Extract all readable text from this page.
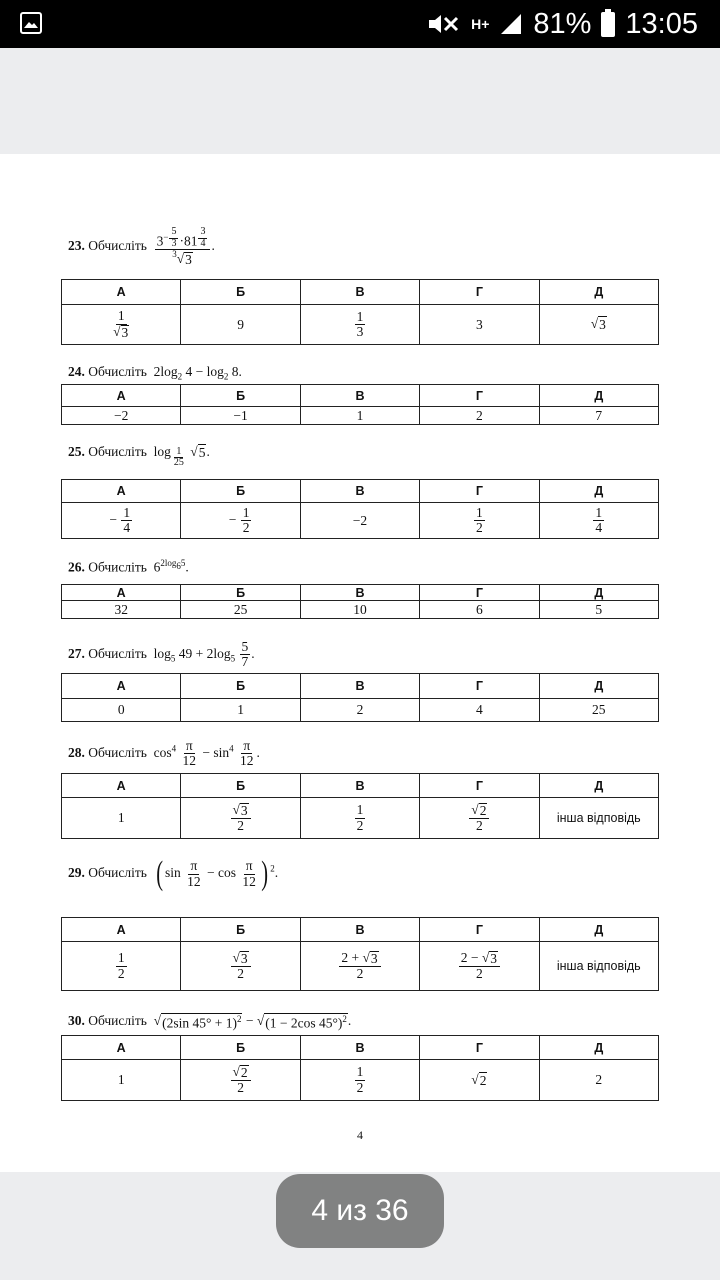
H+ 81% 13:05
23. Обчисліть $3^{- \frac{5}{3}} \cdot 81$ $^{\frac{3}{4}}$
$^3$√ 3 .
А	Б	В	Г	Д

$\frac{1}{√ 3}$	9	$\frac{1}{3}$	3	√ 3
24. Обчисліть  $2\log_2$ $4 - \log_2 8$.
А	Б	В	Г	Д
−2	−1	1	2	7
25. Обчисліть  log $_{\frac{1}{25}}$ √ 5 .
А	Б	В	Г	Д
− $\frac{1}{4}$	− $\frac{1}{2}$	−2	$\frac{1}{2}$	$\frac{1}{4}$
26. Обчисліть  $6^{2log_65}$.
А	Б	В	Г	Д
32	25	10	6	5
27. Обчисліть  $\log_5 49 + 2\log_5 \frac{5}{7}$ .
А	Б	В	Г	Д
0	1	2	4	25
28. Обчисліть  $\cos^4 \frac{\pi}{12} - \sin^4 \frac{\pi}{12}$ .
А	Б	В	Г	Д
1	$\frac{√ 3}{2}$	$\frac{1}{2}$	$\frac{√ 2}{2}$	інша відповідь
29. Обчисліть ( $\sin \frac{\pi}{12} - \cos \frac{\pi}{12}$ ) $^2$.
А	Б	В	Г	Д

$\frac{1}{2}$	$\frac{√ 3}{2}$	$\frac{2 + √ 3}{2}$	$\frac{2 - √ 3}{2}$	інша відповідь
30. Обчисліть √ (2sin 45° + 1)$^2$ − √ (1 − 2cos 45°)$^2$ .
А	Б	В	Г	Д
1	$\frac{√ 2}{2}$	$\frac{1}{2}$	√ 2	2
4
4 из 36
